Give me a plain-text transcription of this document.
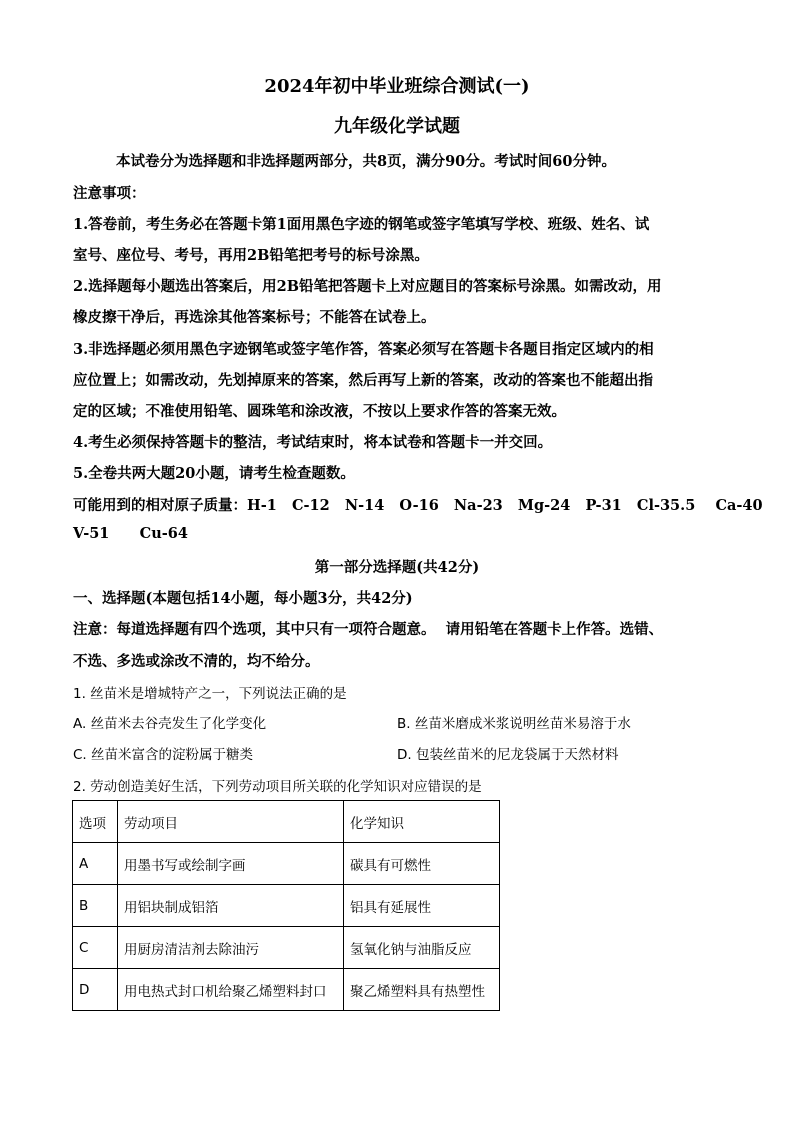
2024年初中毕业班综合测试(一)
九年级化学试题
本试卷分为选择题和非选择题两部分，共8页，满分90分。考试时间60分钟。
注意事项：
1.答卷前，考生务必在答题卡第1面用黑色字迹的钢笔或签字笔填写学校、班级、姓名、试
室号、座位号、考号，再用2B铅笔把考号的标号涂黑。
2.选择题每小题选出答案后，用2B铅笔把答题卡上对应题目的答案标号涂黑。如需改动，用
橡皮擦干净后，再选涂其他答案标号；不能答在试卷上。
3.非选择题必须用黑色字迹钢笔或签字笔作答，答案必须写在答题卡各题目指定区域内的相
应位置上；如需改动，先划掉原来的答案，然后再写上新的答案，改动的答案也不能超出指
定的区域；不准使用铅笔、圆珠笔和涂改液，不按以上要求作答的答案无效。
4.考生必须保持答题卡的整洁，考试结束时，将本试卷和答题卡一并交回。
5.全卷共两大题20小题，请考生检查题数。
可能用到的相对原子质量：H-1   C-12   N-14   O-16   Na-23   Mg-24   P-31   Cl-35.5    Ca-40
V-51      Cu-64
第一部分选择题(共42分)
一、选择题(本题包括14小题，每小题3分，共42分)
注意：每道选择题有四个选项，其中只有一项符合题意。  请用铅笔在答题卡上作答。选错、
不选、多选或涂改不清的，均不给分。
1. 丝苗米是增城特产之一，下列说法正确的是
A. 丝苗米去谷壳发生了化学变化	B. 丝苗米磨成米浆说明丝苗米易溶于水
C. 丝苗米富含的淀粉属于糖类	D. 包装丝苗米的尼龙袋属于天然材料
2. 劳动创造美好生活，下列劳动项目所关联的化学知识对应错误的是
选项	劳动项目	化学知识
A	用墨书写或绘制字画	碳具有可燃性
B	用铝块制成铝箔	铝具有延展性
C	用厨房清洁剂去除油污	氢氧化钠与油脂反应
D	用电热式封口机给聚乙烯塑料封口	聚乙烯塑料具有热塑性
